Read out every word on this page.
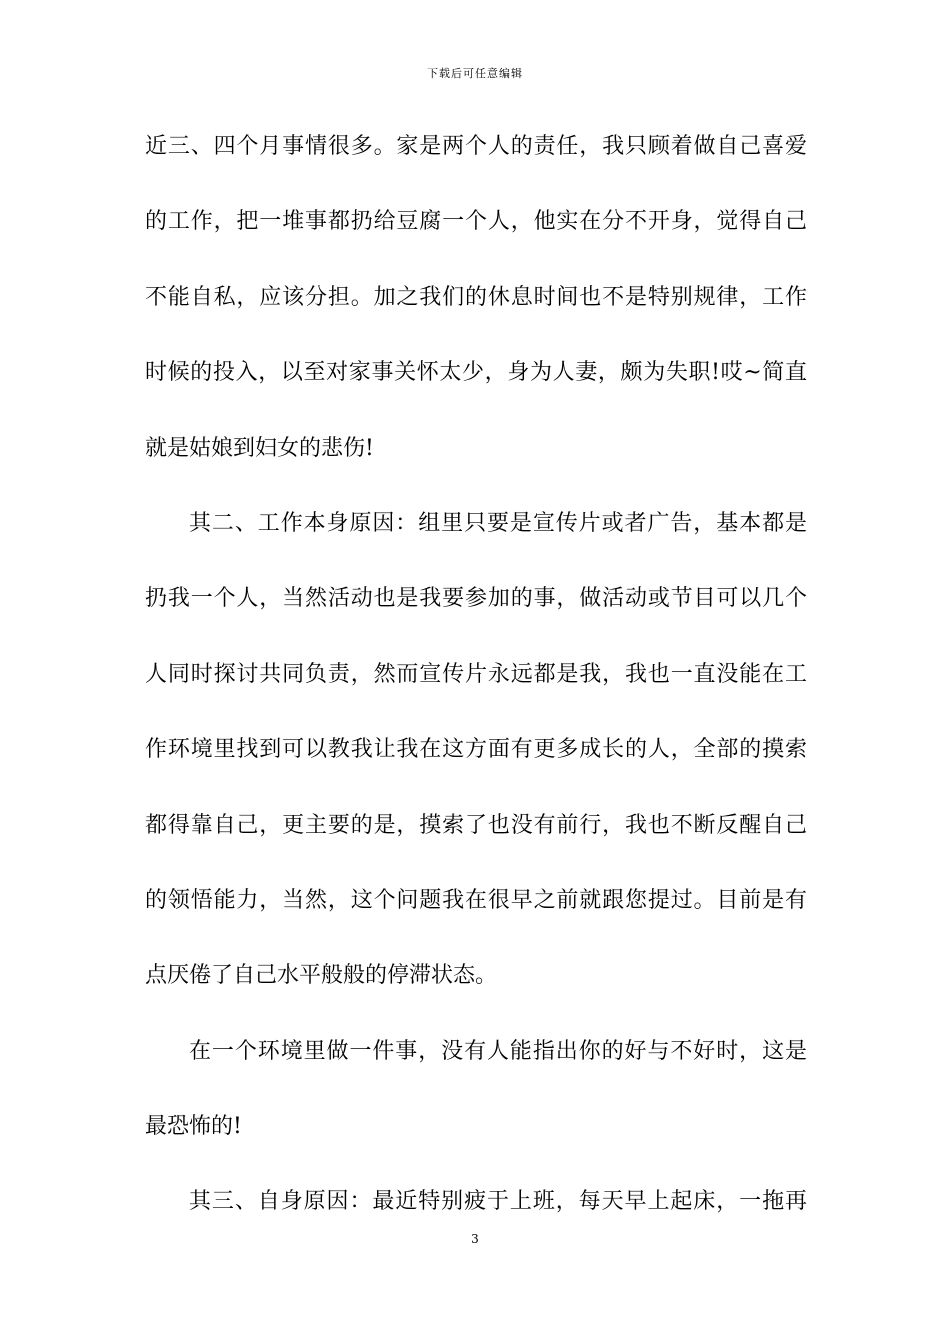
下载后可任意编辑
近三、四个月事情很多。家是两个人的责任，我只顾着做自己喜爱
的工作，把一堆事都扔给豆腐一个人，他实在分不开身，觉得自己
不能自私，应该分担。加之我们的休息时间也不是特别规律，工作
时候的投入，以至对家事关怀太少，身为人妻，颇为失职!哎~简直
就是姑娘到妇女的悲伤!
其二、工作本身原因：组里只要是宣传片或者广告，基本都是
扔我一个人，当然活动也是我要参加的事，做活动或节目可以几个
人同时探讨共同负责，然而宣传片永远都是我，我也一直没能在工
作环境里找到可以教我让我在这方面有更多成长的人，全部的摸索
都得靠自己，更主要的是，摸索了也没有前行，我也不断反醒自己
的领悟能力，当然，这个问题我在很早之前就跟您提过。目前是有
点厌倦了自己水平般般的停滞状态。
在一个环境里做一件事，没有人能指出你的好与不好时，这是
最恐怖的!
其三、自身原因：最近特别疲于上班，每天早上起床，一拖再
3
